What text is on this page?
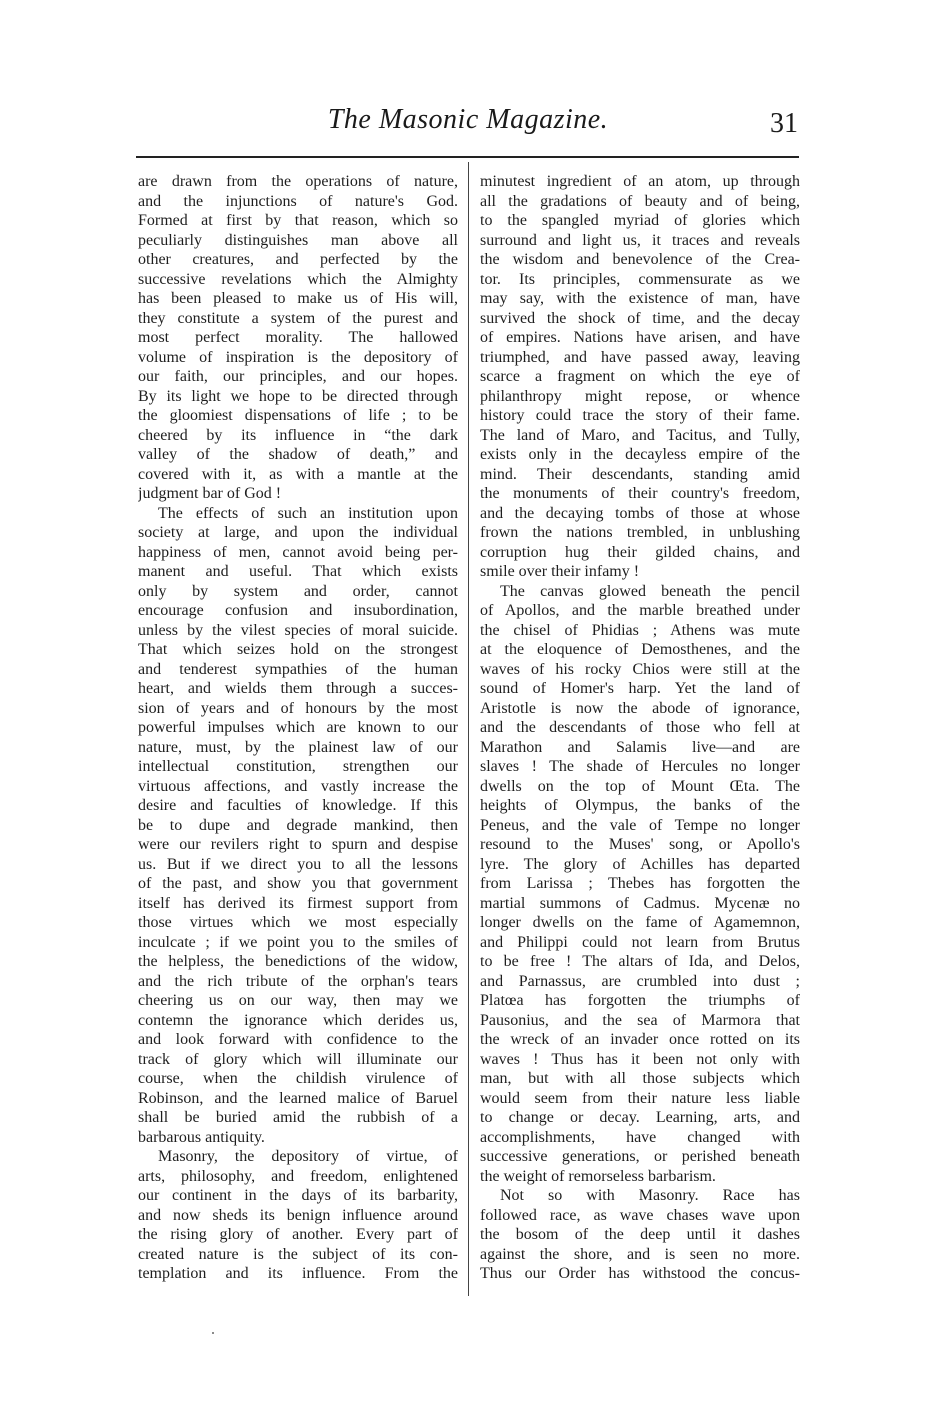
The Masonic Magazine.	31
are drawn from the operations of nature,
and the injunctions of nature's God.
Formed at first by that reason, which so
peculiarly distinguishes man above all
other creatures, and perfected by the
successive revelations which the Almighty
has been pleased to make us of His will,
they constitute a system of the purest and
most perfect morality. The hallowed
volume of inspiration is the depository of
our faith, our principles, and our hopes.
By its light we hope to be directed through
the gloomiest dispensations of life ; to be
cheered by its influence in “the dark
valley of the shadow of death,” and
covered with it, as with a mantle at the
judgment bar of God !
The effects of such an institution upon
society at large, and upon the individual
happiness of men, cannot avoid being per-
manent and useful. That which exists
only by system and order, cannot
encourage confusion and insubordination,
unless by the vilest species of moral suicide.
That which seizes hold on the strongest
and tenderest sympathies of the human
heart, and wields them through a succes-
sion of years and of honours by the most
powerful impulses which are known to our
nature, must, by the plainest law of our
intellectual constitution, strengthen our
virtuous affections, and vastly increase the
desire and faculties of knowledge. If this
be to dupe and degrade mankind, then
were our revilers right to spurn and despise
us. But if we direct you to all the lessons
of the past, and show you that government
itself has derived its firmest support from
those virtues which we most especially
inculcate ; if we point you to the smiles of
the helpless, the benedictions of the widow,
and the rich tribute of the orphan's tears
cheering us on our way, then may we
contemn the ignorance which derides us,
and look forward with confidence to the
track of glory which will illuminate our
course, when the childish virulence of
Robinson, and the learned malice of Baruel
shall be buried amid the rubbish of a
barbarous antiquity.
Masonry, the depository of virtue, of
arts, philosophy, and freedom, enlightened
our continent in the days of its barbarity,
and now sheds its benign influence around
the rising glory of another. Every part of
created nature is the subject of its con-
templation and its influence. From the
minutest ingredient of an atom, up through
all the gradations of beauty and of being,
to the spangled myriad of glories which
surround and light us, it traces and reveals
the wisdom and benevolence of the Crea-
tor. Its principles, commensurate as we
may say, with the existence of man, have
survived the shock of time, and the decay
of empires. Nations have arisen, and have
triumphed, and have passed away, leaving
scarce a fragment on which the eye of
philanthropy might repose, or whence
history could trace the story of their fame.
The land of Maro, and Tacitus, and Tully,
exists only in the decayless empire of the
mind. Their descendants, standing amid
the monuments of their country's freedom,
and the decaying tombs of those at whose
frown the nations trembled, in unblushing
corruption hug their gilded chains, and
smile over their infamy !
The canvas glowed beneath the pencil
of Apollos, and the marble breathed under
the chisel of Phidias ; Athens was mute
at the eloquence of Demosthenes, and the
waves of his rocky Chios were still at the
sound of Homer's harp. Yet the land of
Aristotle is now the abode of ignorance,
and the descendants of those who fell at
Marathon and Salamis live—and are
slaves ! The shade of Hercules no longer
dwells on the top of Mount Œta. The
heights of Olympus, the banks of the
Peneus, and the vale of Tempe no longer
resound to the Muses' song, or Apollo's
lyre. The glory of Achilles has departed
from Larissa ; Thebes has forgotten the
martial summons of Cadmus. Mycenæ no
longer dwells on the fame of Agamemnon,
and Philippi could not learn from Brutus
to be free ! The altars of Ida, and Delos,
and Parnassus, are crumbled into dust ;
Platœa has forgotten the triumphs of
Pausonius, and the sea of Marmora that
the wreck of an invader once rotted on its
waves ! Thus has it been not only with
man, but with all those subjects which
would seem from their nature less liable
to change or decay. Learning, arts, and
accomplishments, have changed with
successive generations, or perished beneath
the weight of remorseless barbarism.
Not so with Masonry. Race has
followed race, as wave chases wave upon
the bosom of the deep until it dashes
against the shore, and is seen no more.
Thus our Order has withstood the concus-
